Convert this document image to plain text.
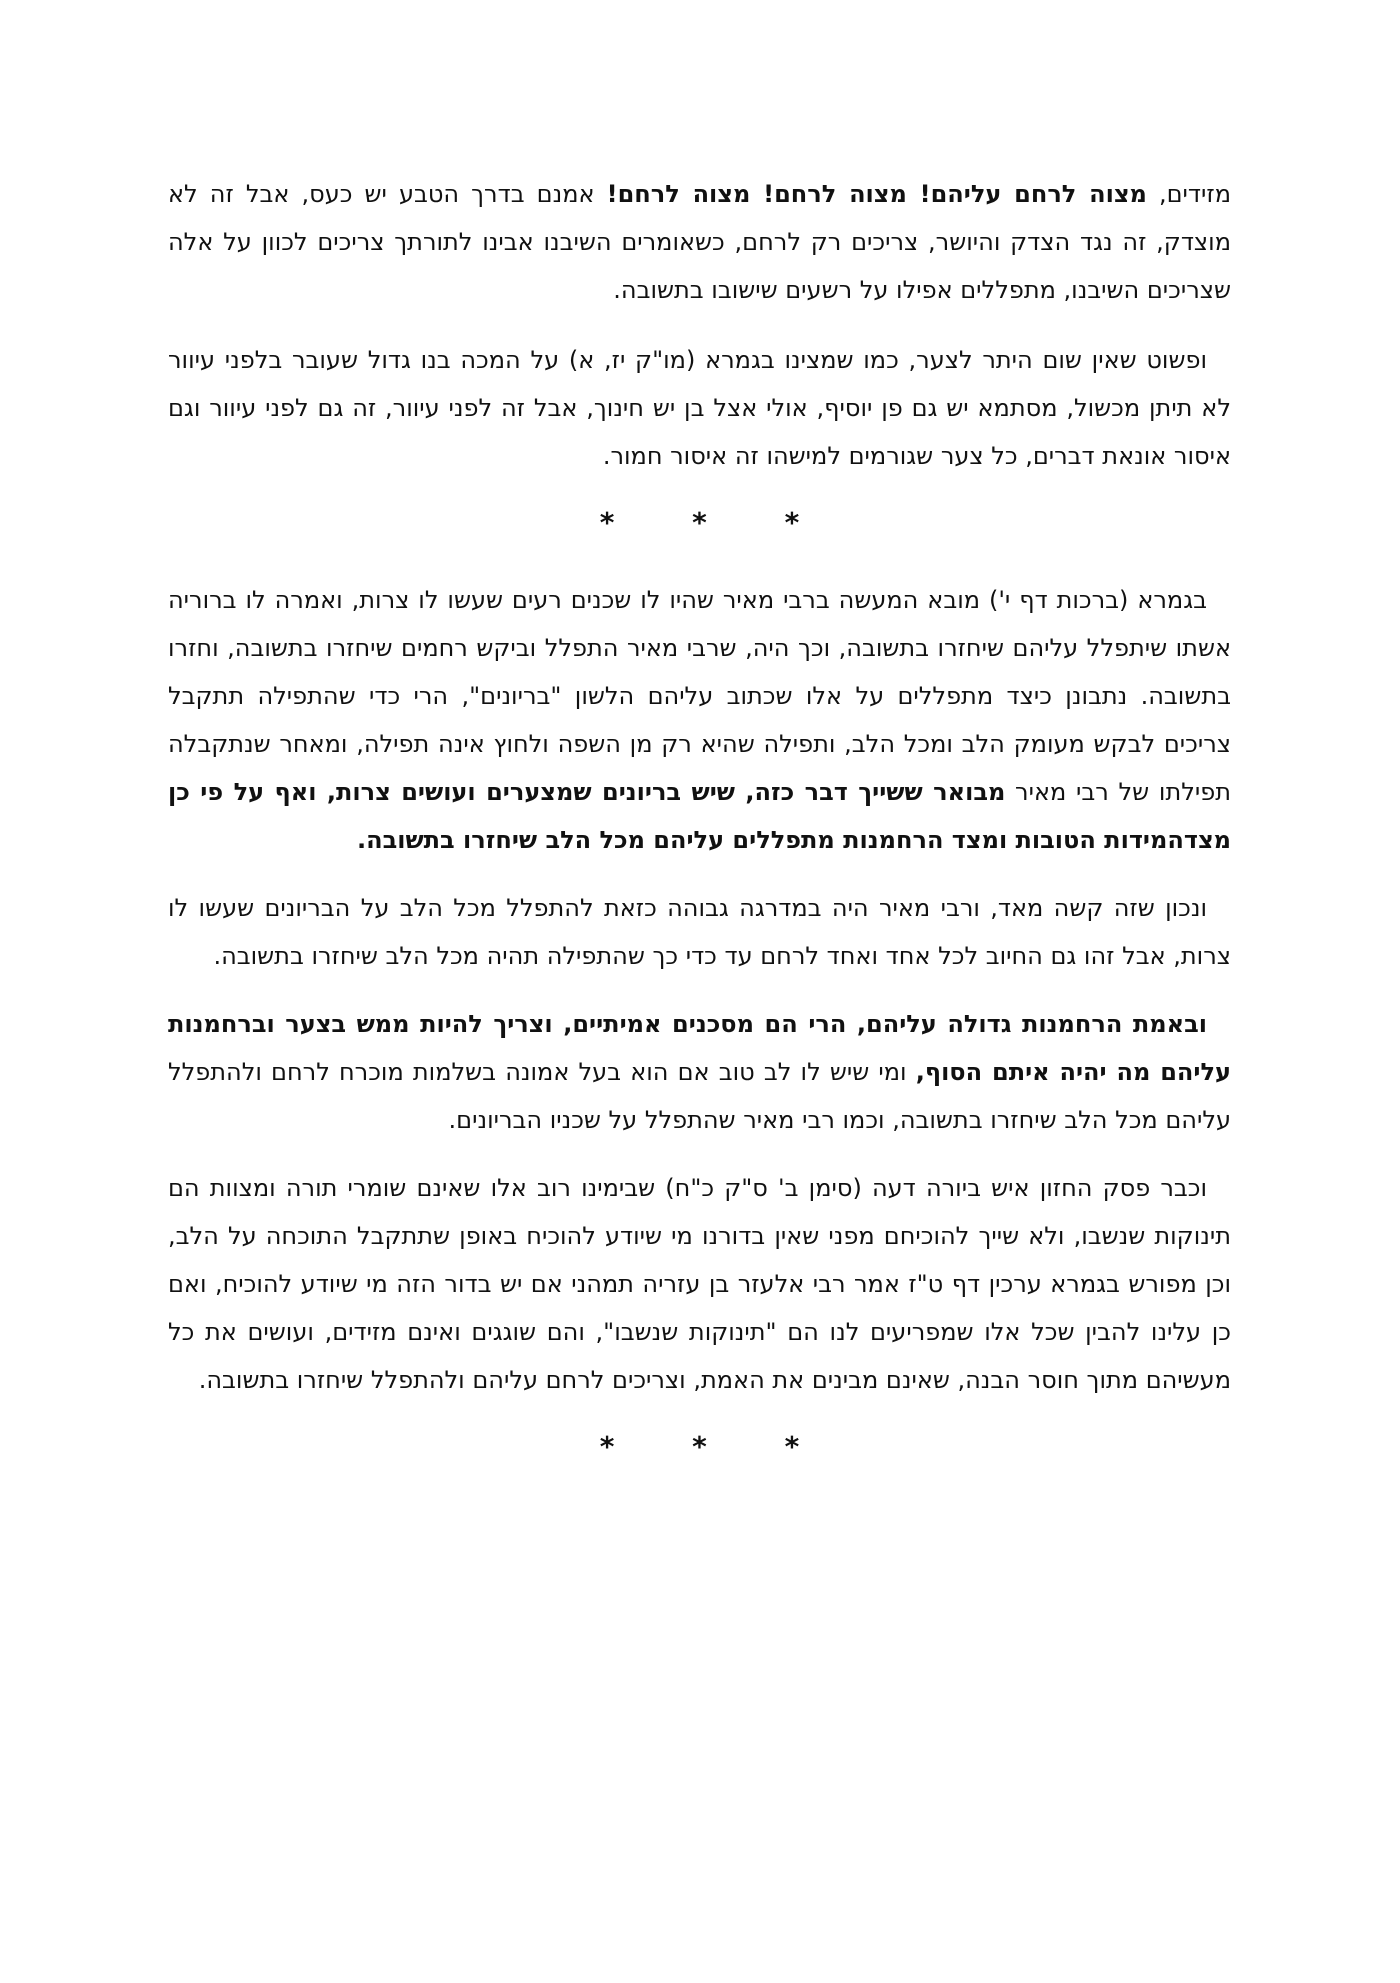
מזידים, מצוה לרחם עליהם! מצוה לרחם! מצוה לרחם! אמנם בדרך הטבע יש כעס, אבל זה לא מוצדק, זה נגד הצדק והיושר, צריכים רק לרחם, כשאומרים השיבנו אבינו לתורתך צריכים לכוון על אלה שצריכים השיבנו, מתפללים אפילו על רשעים שישובו בתשובה.

ופשוט שאין שום היתר לצער, כמו שמצינו בגמרא (מו"ק יז, א) על המכה בנו גדול שעובר בלפני עיוור לא תיתן מכשול, מסתמא יש גם פן יוסיף, אולי אצל בן יש חינוך, אבל זה לפני עיוור, זה גם לפני עיוור וגם איסור אונאת דברים, כל צער שגורמים למישהו זה איסור חמור.

* * *

בגמרא (ברכות דף י') מובא המעשה ברבי מאיר שהיו לו שכנים רעים שעשו לו צרות, ואמרה לו ברוריה אשתו שיתפלל עליהם שיחזרו בתשובה, וכך היה, שרבי מאיר התפלל וביקש רחמים שיחזרו בתשובה, וחזרו בתשובה. נתבונן כיצד מתפללים על אלו שכתוב עליהם הלשון "בריונים", הרי כדי שהתפילה תתקבל צריכים לבקש מעומק הלב ומכל הלב, ותפילה שהיא רק מן השפה ולחוץ אינה תפילה, ומאחר שנתקבלה תפילתו של רבי מאיר מבואר ששייך דבר כזה, שיש בריונים שמצערים ועושים צרות, ואף על פי כן מצדהמידות הטובות ומצד הרחמנות מתפללים עליהם מכל הלב שיחזרו בתשובה.

ונכון שזה קשה מאד, ורבי מאיר היה במדרגה גבוהה כזאת להתפלל מכל הלב על הבריונים שעשו לו צרות, אבל זהו גם החיוב לכל אחד ואחד לרחם עד כדי כך שהתפילה תהיה מכל הלב שיחזרו בתשובה.

ובאמת הרחמנות גדולה עליהם, הרי הם מסכנים אמיתיים, וצריך להיות ממש בצער וברחמנות עליהם מה יהיה איתם הסוף, ומי שיש לו לב טוב אם הוא בעל אמונה בשלמות מוכרח לרחם ולהתפלל עליהם מכל הלב שיחזרו בתשובה, וכמו רבי מאיר שהתפלל על שכניו הבריונים.

וכבר פסק החזון איש ביורה דעה (סימן ב' ס"ק כ"ח) שבימינו רוב אלו שאינם שומרי תורה ומצוות הם תינוקות שנשבו, ולא שייך להוכיחם מפני שאין בדורנו מי שיודע להוכיח באופן שתתקבל התוכחה על הלב, וכן מפורש בגמרא ערכין דף ט"ז אמר רבי אלעזר בן עזריה תמהני אם יש בדור הזה מי שיודע להוכיח, ואם כן עלינו להבין שכל אלו שמפריעים לנו הם "תינוקות שנשבו", והם שוגגים ואינם מזידים, ועושים את כל מעשיהם מתוך חוסר הבנה, שאינם מבינים את האמת, וצריכים לרחם עליהם ולהתפלל שיחזרו בתשובה.

* * *
